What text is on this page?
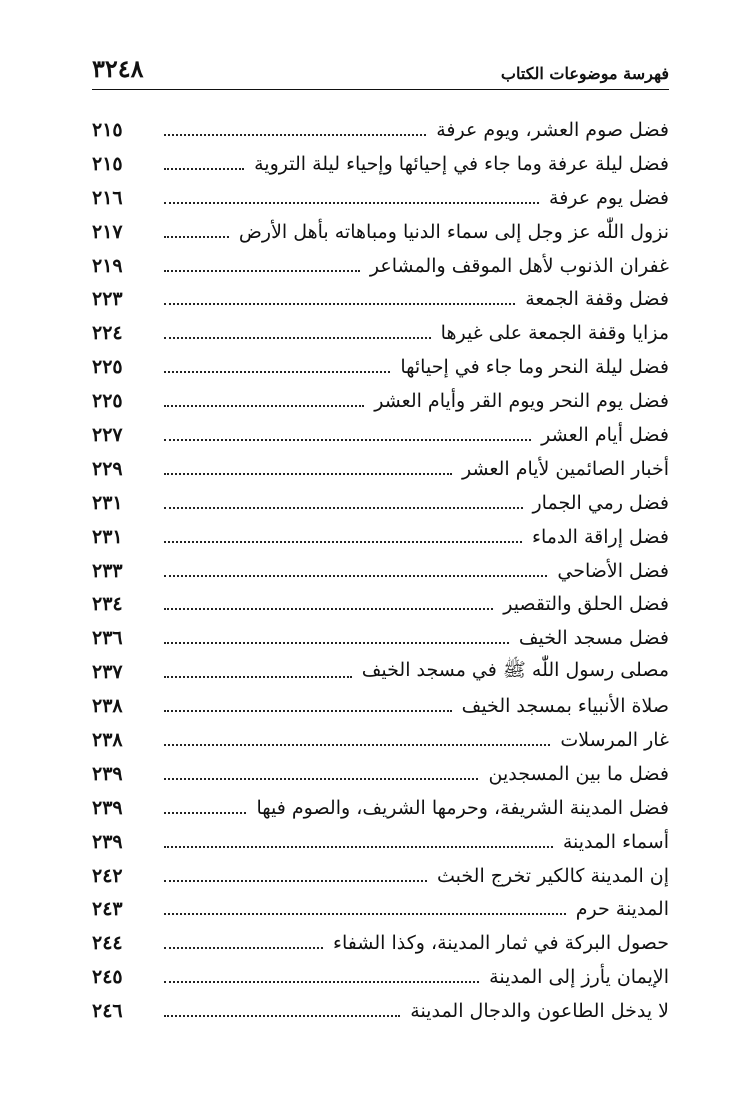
٣٢٤٨	فهرسة موضوعات الكتاب
فضل صوم العشر، ويوم عرفة
٢١٥
فضل ليلة عرفة وما جاء في إحيائها وإحياء ليلة التروية
٢١٥
فضل يوم عرفة
٢١٦
نزول اللّٰه عز وجل إلى سماء الدنيا ومباهاته بأهل الأرض
٢١٧
غفران الذنوب لأهل الموقف والمشاعر
٢١٩
فضل وقفة الجمعة
٢٢٣
مزايا وقفة الجمعة على غيرها
٢٢٤
فضل ليلة النحر وما جاء في إحيائها
٢٢٥
فضل يوم النحر ويوم القر وأيام العشر
٢٢٥
فضل أيام العشر
٢٢٧
أخبار الصائمين لأيام العشر
٢٢٩
فضل رمي الجمار
٢٣١
فضل إراقة الدماء
٢٣١
فضل الأضاحي
٢٣٣
فضل الحلق والتقصير
٢٣٤
فضل مسجد الخيف
٢٣٦
مصلى رسول اللّٰه ﷺ في مسجد الخيف
٢٣٧
صلاة الأنبياء بمسجد الخيف
٢٣٨
غار المرسلات
٢٣٨
فضل ما بين المسجدين
٢٣٩
فضل المدينة الشريفة، وحرمها الشريف، والصوم فيها
٢٣٩
أسماء المدينة
٢٣٩
إن المدينة كالكير تخرج الخبث
٢٤٢
المدينة حرم
٢٤٣
حصول البركة في ثمار المدينة، وكذا الشفاء
٢٤٤
الإيمان يأرز إلى المدينة
٢٤٥
لا يدخل الطاعون والدجال المدينة
٢٤٦
